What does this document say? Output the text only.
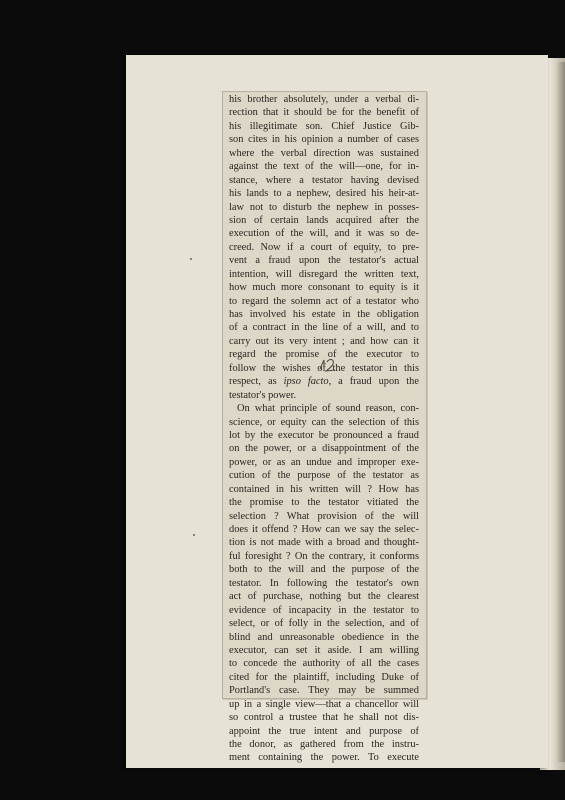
his brother absolutely, under a verbal di-
rection that it should be for the benefit of
his illegitimate son. Chief Justice Gib-
son cites in his opinion a number of cases
where the verbal direction was sustained
against the text of the will—one, for in-
stance, where a testator having devised
his lands to a nephew, desired his heir-at-
law not to disturb the nephew in posses-
sion of certain lands acquired after the
execution of the will, and it was so de-
creed. Now if a court of equity, to pre-
vent a fraud upon the testator's actual
intention, will disregard the written text,
how much more consonant to equity is it
to regard the solemn act of a testator who
has involved his estate in the obligation
of a contract in the line of a will, and to
carry out its very intent ; and how can it
regard the promise of the executor to
follow the wishes of the testator in this
respect, as ipso facto, a fraud upon the
testator's power.
On what principle of sound reason, con-
science, or equity can the selection of this
lot by the executor be pronounced a fraud
on the power, or a disappointment of the
power, or as an undue and improper exe-
cution of the purpose of the testator as
contained in his written will ? How has
the promise to the testator vitiated the
selection ? What provision of the will
does it offend ? How can we say the selec-
tion is not made with a broad and thought-
ful foresight ? On the contrary, it conforms
both to the will and the purpose of the
testator. In following the testator's own
act of purchase, nothing but the clearest
evidence of incapacity in the testator to
select, or of folly in the selection, and of
blind and unreasonable obedience in the
executor, can set it aside. I am willing
to concede the authority of all the cases
cited for the plaintiff, including Duke of
Portland's case. They may be summed
up in a single view—that a chancellor will
so control a trustee that he shall not dis-
appoint the true intent and purpose of
the donor, as gathered from the instru-
ment containing the power. To execute
